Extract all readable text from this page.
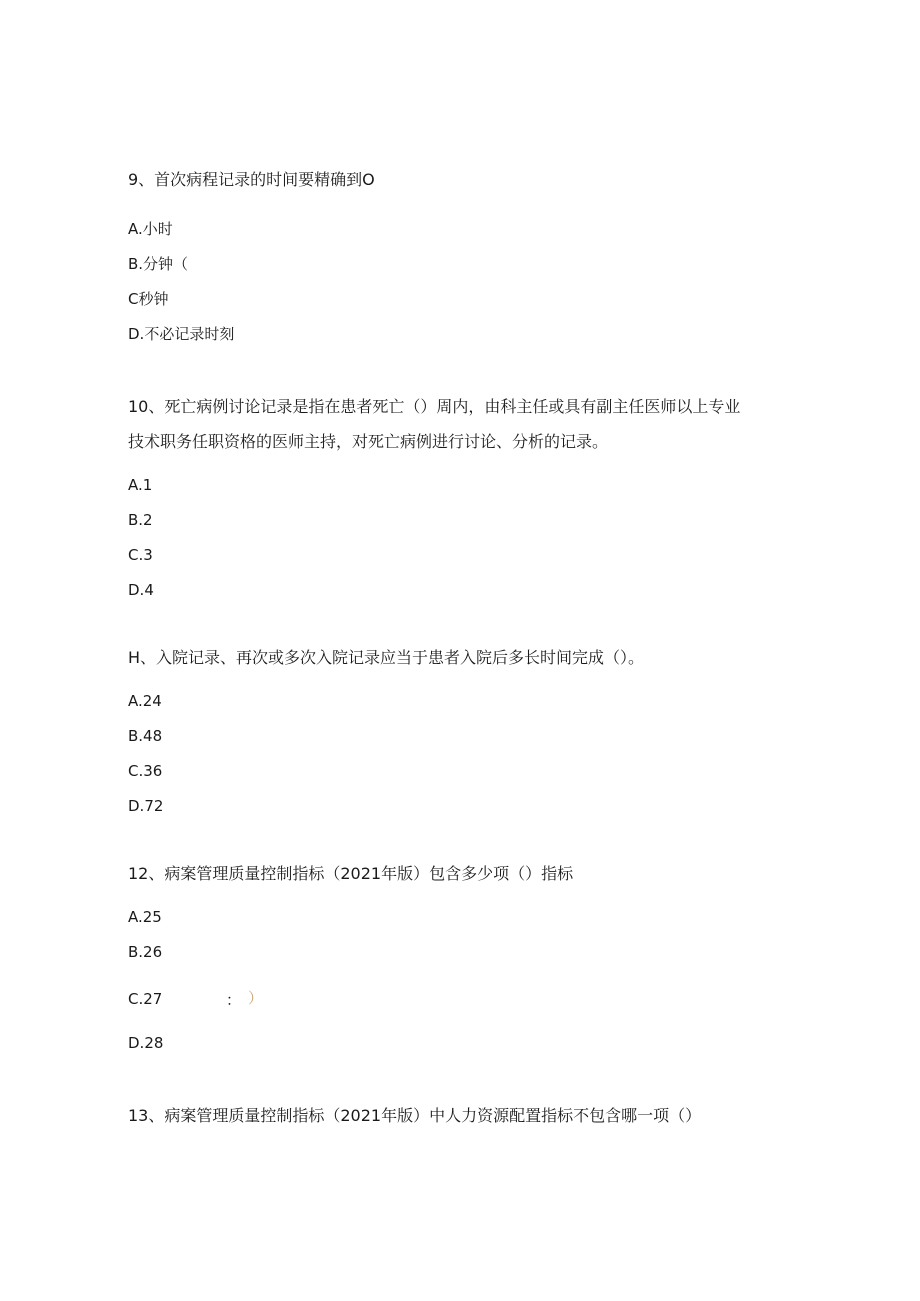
9、首次病程记录的时间要精确到O
A.小时
B.分钟（
C秒钟
D.不必记录时刻
10、死亡病例讨论记录是指在患者死亡（）周内，由科主任或具有副主任医师以上专业
技术职务任职资格的医师主持，对死亡病例进行讨论、分析的记录。
A.1
B.2
C.3
D.4
H、入院记录、再次或多次入院记录应当于患者入院后多长时间完成（）。
A.24
B.48
C.36
D.72
12、病案管理质量控制指标（2021年版）包含多少项（）指标
A.25
B.26
C.27	： ）
D.28
13、病案管理质量控制指标（2021年版）中人力资源配置指标不包含哪一项（）
